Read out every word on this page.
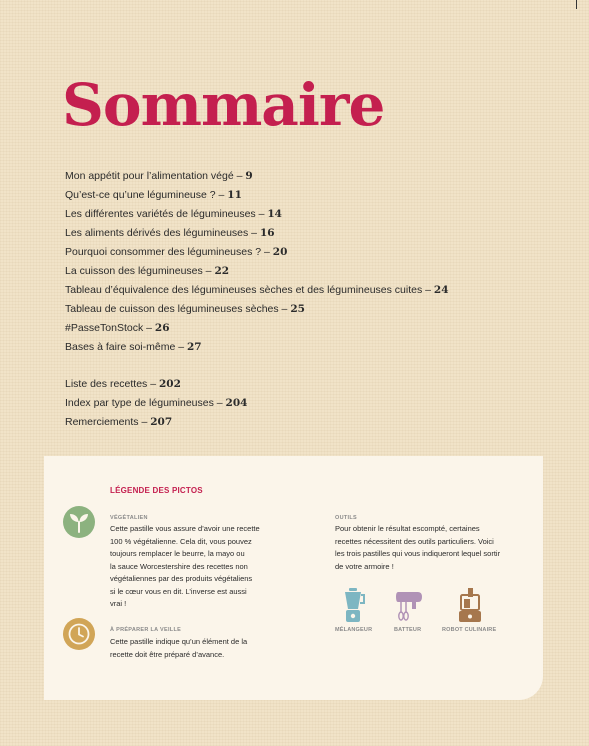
Sommaire
Mon appétit pour l’alimentation végé – 9
Qu’est-ce qu’une légumineuse ? – 11
Les différentes variétés de légumineuses – 14
Les aliments dérivés des légumineuses – 16
Pourquoi consommer des légumineuses ? – 20
La cuisson des légumineuses – 22
Tableau d’équivalence des légumineuses sèches et des légumineuses cuites – 24
Tableau de cuisson des légumineuses sèches – 25
#PasseTonStock – 26
Bases à faire soi-même – 27
Liste des recettes – 202
Index par type de légumineuses – 204
Remerciements – 207
LÉGENDE DES PICTOS
VÉGÉTALIEN
Cette pastille vous assure d’avoir une recette
100 % végétalienne. Cela dit, vous pouvez
toujours remplacer le beurre, la mayo ou
la sauce Worcestershire des recettes non
végétaliennes par des produits végétaliens
si le cœur vous en dit. L’inverse est aussi
vrai !
À PRÉPARER LA VEILLE
Cette pastille indique qu’un élément de la
recette doit être préparé d’avance.
OUTILS
Pour obtenir le résultat escompté, certaines
recettes nécessitent des outils particuliers. Voici
les trois pastilles qui vous indiqueront lequel sortir
de votre armoire !
MÉLANGEUR	BATTEUR	ROBOT CULINAIRE
